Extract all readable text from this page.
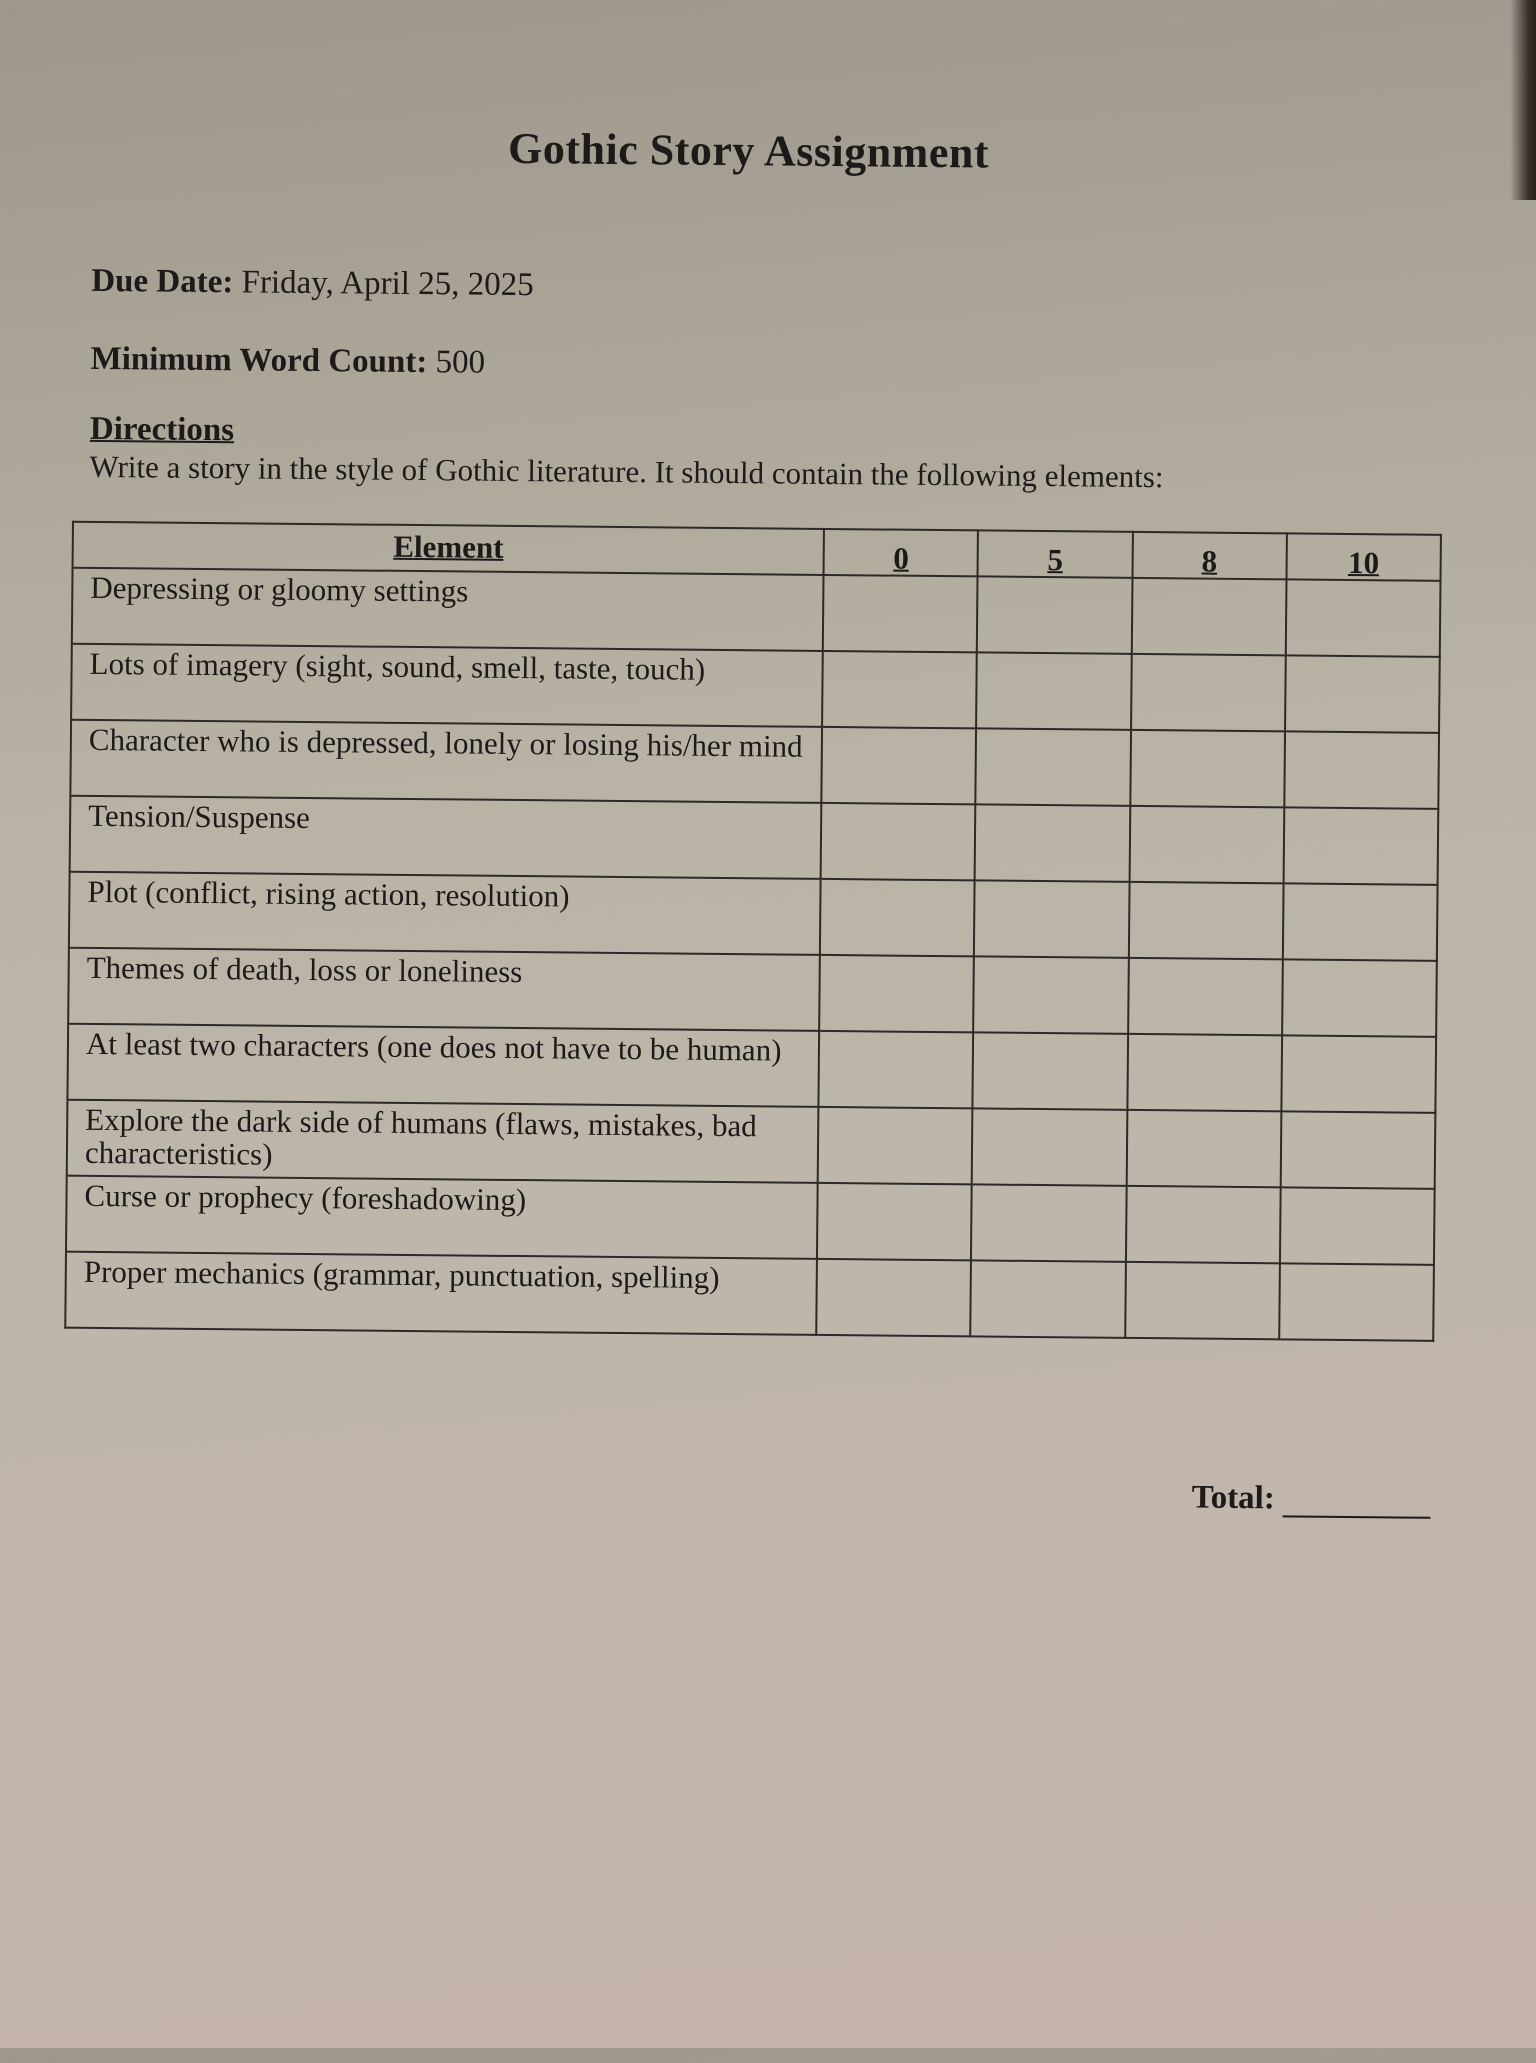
Gothic Story Assignment
Due Date: Friday, April 25, 2025
Minimum Word Count: 500
Directions
Write a story in the style of Gothic literature. It should contain the following elements:
Element	0	5	8	10
Depressing or gloomy settings				
Lots of imagery (sight, sound, smell, taste, touch)				
Character who is depressed, lonely or losing his/her mind				
Tension/Suspense				
Plot (conflict, rising action, resolution)				
Themes of death, loss or loneliness				
At least two characters (one does not have to be human)				
Explore the dark side of humans (flaws, mistakes, bad characteristics)				
Curse or prophecy (foreshadowing)				
Proper mechanics (grammar, punctuation, spelling)				
Total:
